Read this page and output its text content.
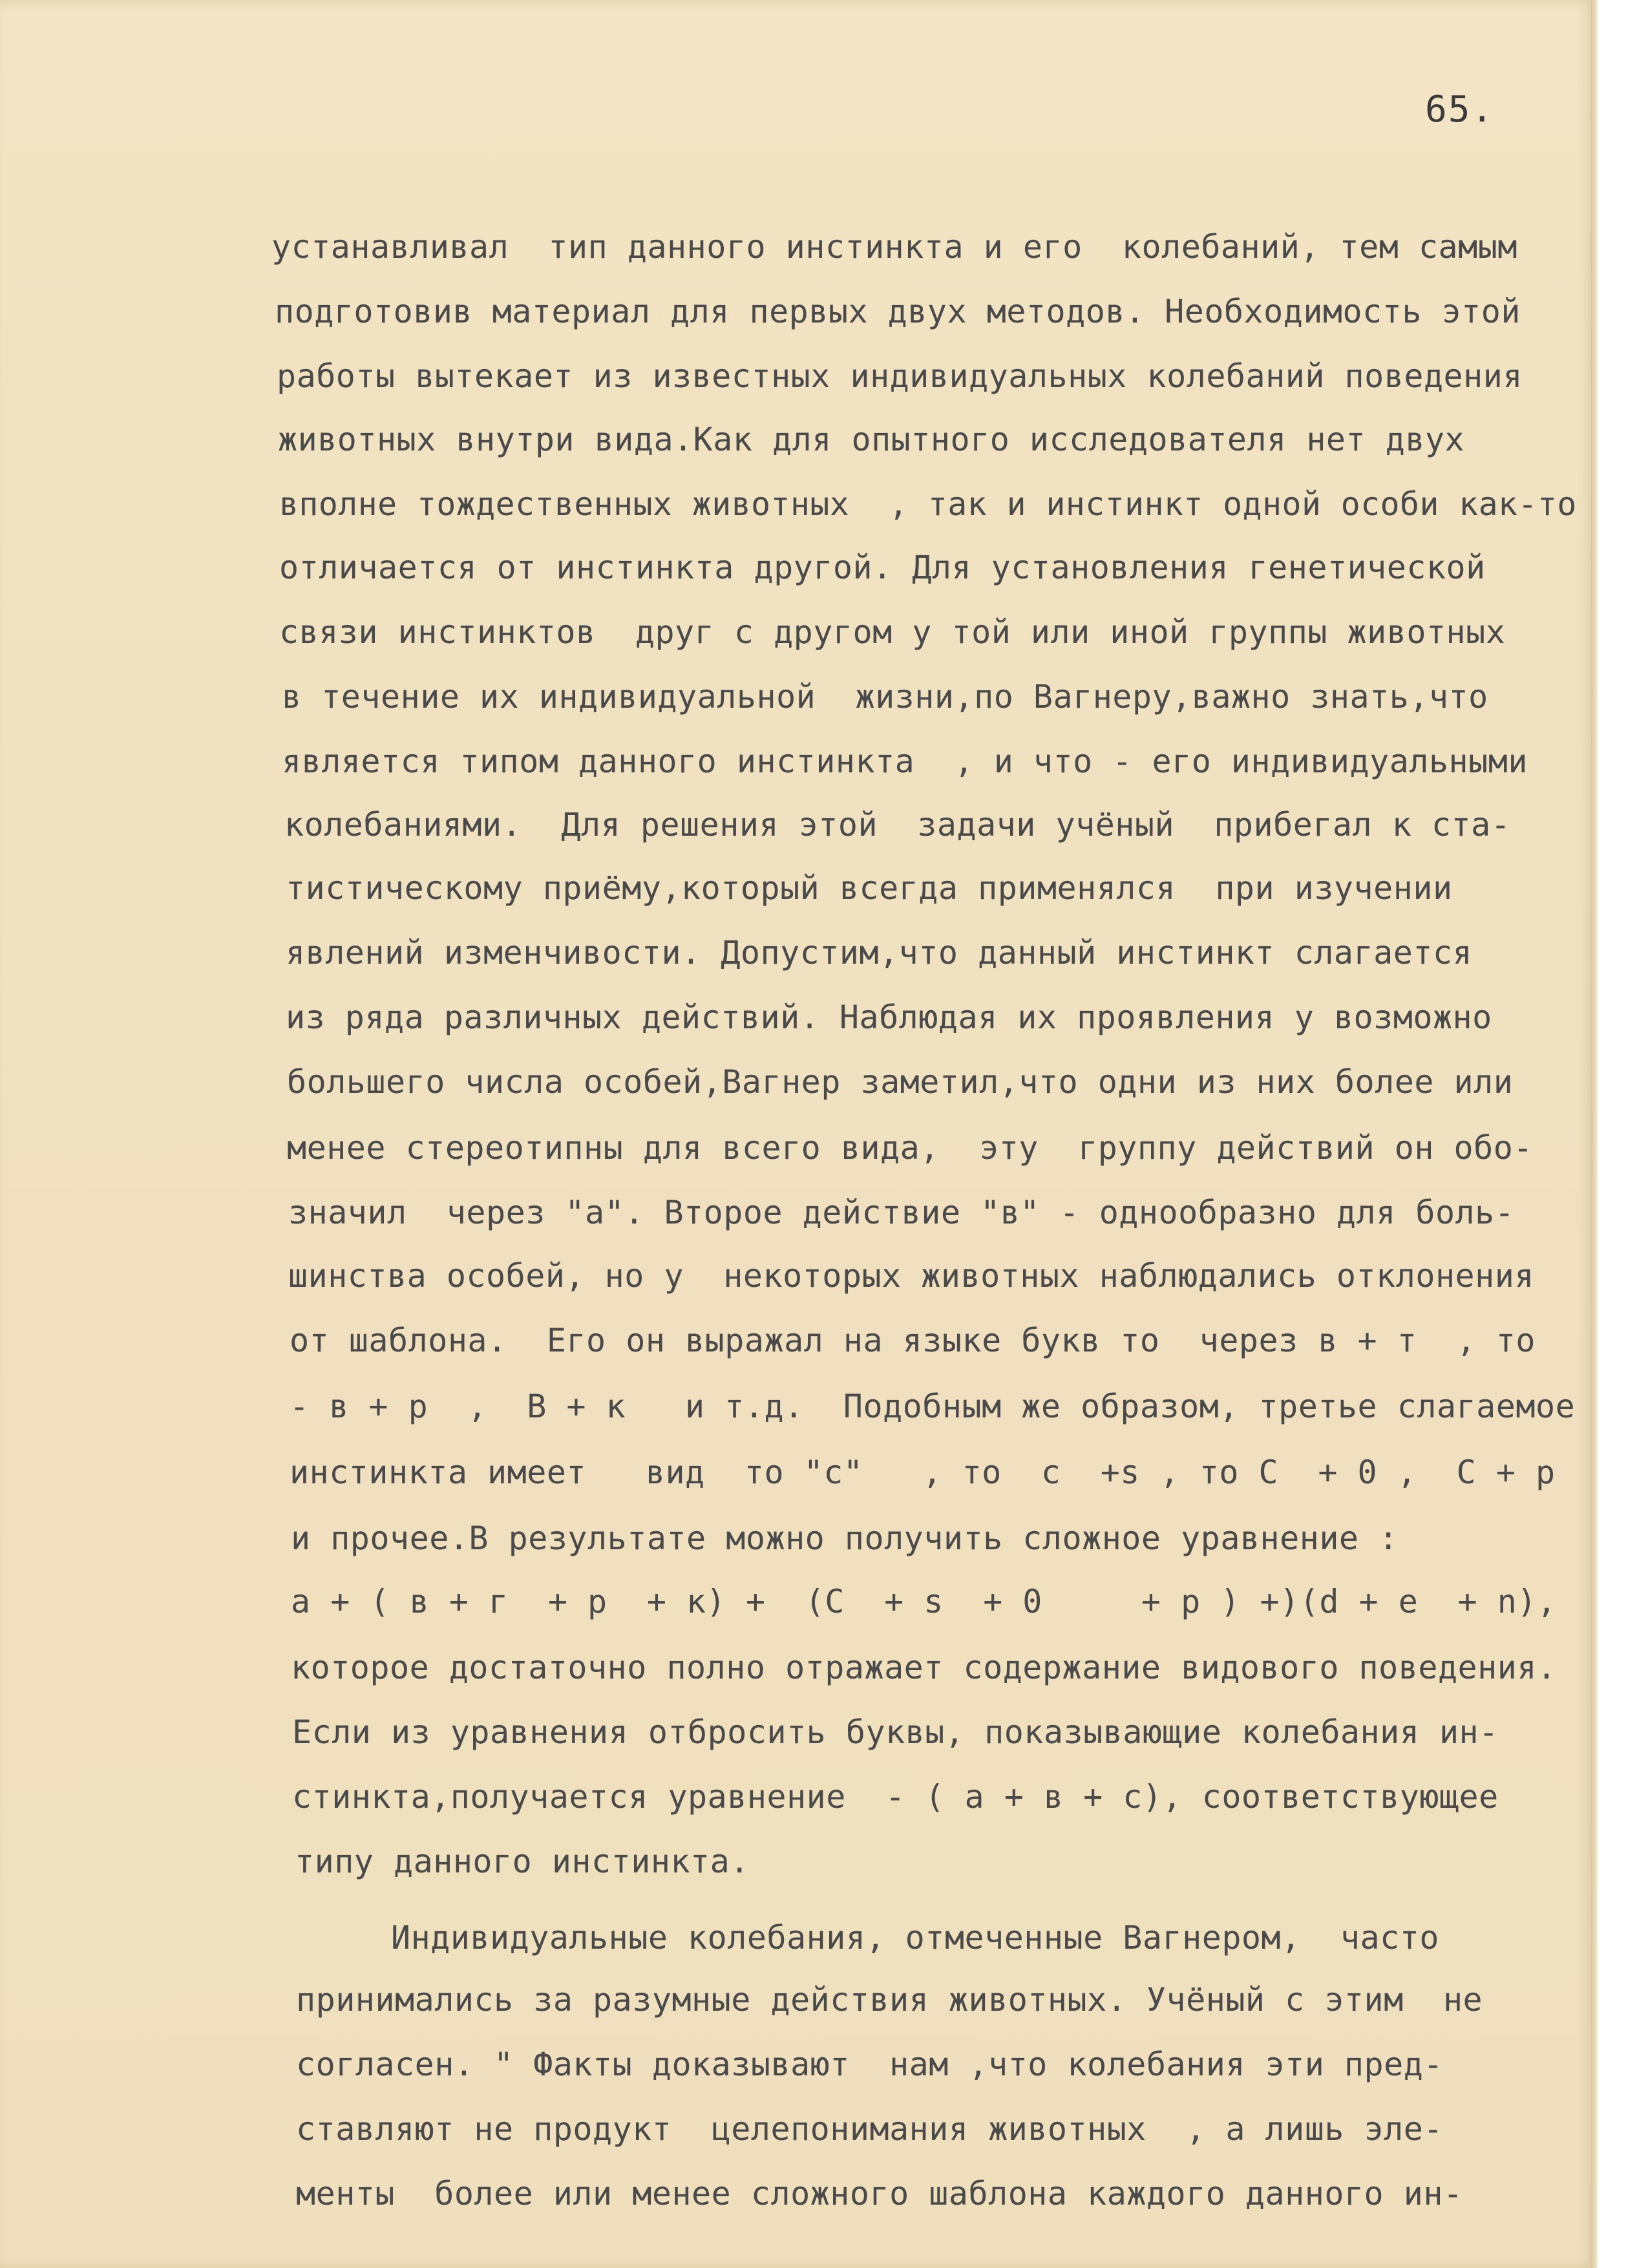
65.
устанавливал  тип данного инстинкта и его  колебаний, тем самым
подготовив материал для первых двух методов. Необходимость этой
работы вытекает из известных индивидуальных колебаний поведения
животных внутри вида.Как для опытного исследователя нет двух
вполне тождественных животных  , так и инстинкт одной особи как-то
отличается от инстинкта другой. Для установления генетической
связи инстинктов  друг с другом у той или иной группы животных
в течение их индивидуальной  жизни,по Вагнеру,важно знать,что
является типом данного инстинкта  , и что - его индивидуальными
колебаниями.  Для решения этой  задачи учёный  прибегал к ста-
тистическому приёму,который всегда применялся  при изучении
явлений изменчивости. Допустим,что данный инстинкт слагается
из ряда различных действий. Наблюдая их проявления у возможно
большего числа особей,Вагнер заметил,что одни из них более или
менее стереотипны для всего вида,  эту  группу действий он обо-
значил  через "а". Второе действие "в" - однообразно для боль-
шинства особей, но у  некоторых животных наблюдались отклонения
от шаблона.  Его он выражал на языке букв то  через в + т  , то
- в + р  ,  В + к   и т.д.  Подобным же образом, третье слагаемое
инстинкта имеет   вид  то "с"   , то  с  +s , то С  + 0 ,  С + р
и прочее.В результате можно получить сложное уравнение :
а + ( в + г  + р  + к) +  (С  + s  + 0     + р ) +)(d + е  + n),
которое достаточно полно отражает содержание видового поведения.
Если из уравнения отбросить буквы, показывающие колебания ин-
стинкта,получается уравнение  - ( а + в + с), соответствующее
типу данного инстинкта.
Индивидуальные колебания, отмеченные Вагнером,  часто
принимались за разумные действия животных. Учёный с этим  не
согласен. " Факты доказывают  нам ,что колебания эти пред-
ставляют не продукт  целепонимания животных  , а лишь эле-
менты  более или менее сложного шаблона каждого данного ин-
